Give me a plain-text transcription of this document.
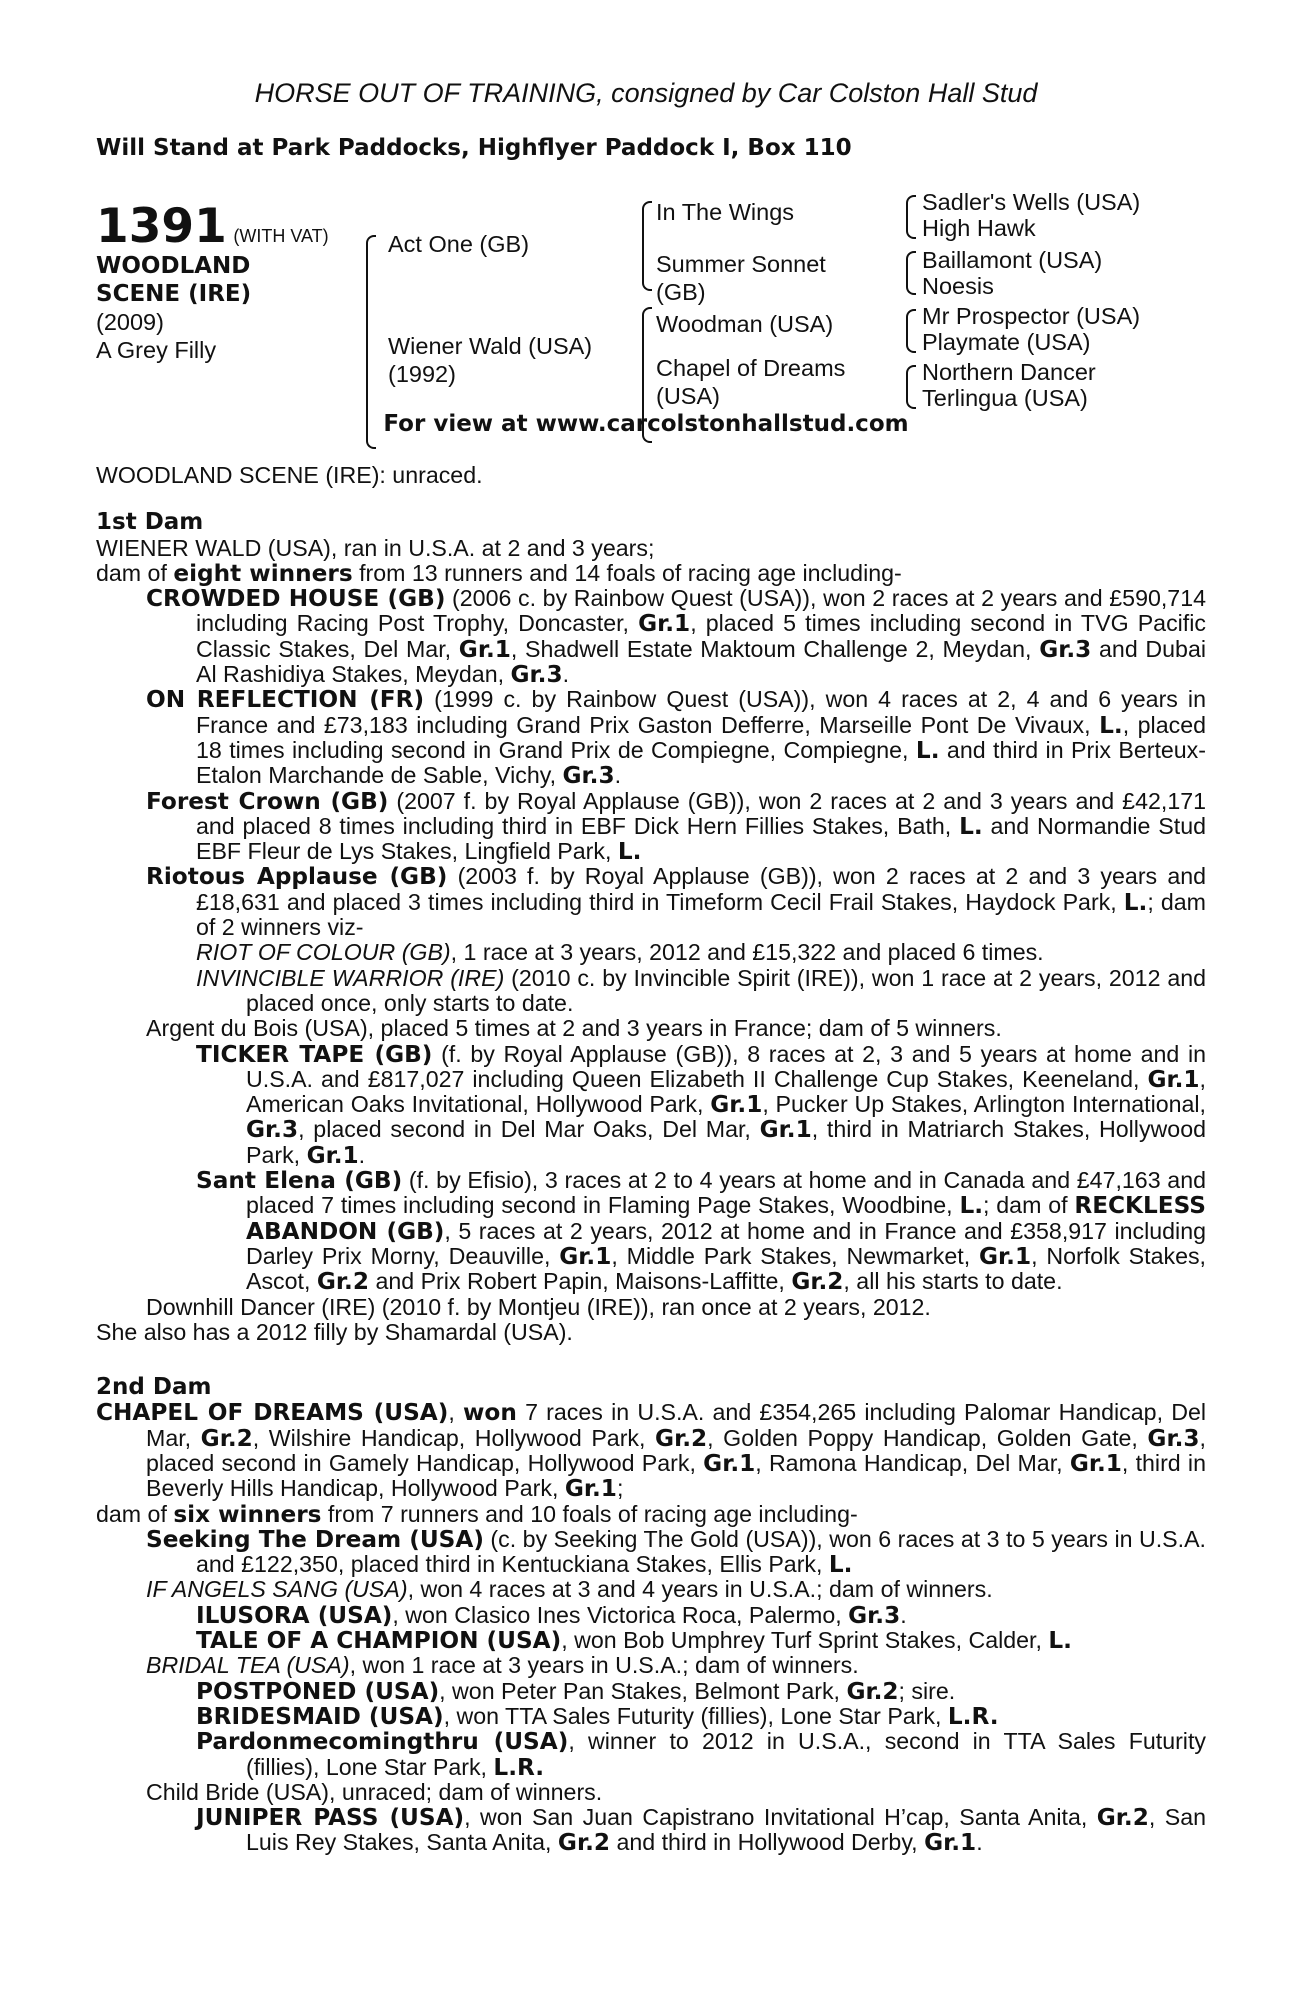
HORSE OUT OF TRAINING, consigned by Car Colston Hall Stud
Will Stand at Park Paddocks, Highflyer Paddock I, Box 110
1391 (WITH VAT)
WOODLAND
SCENE (IRE)
(2009)
A Grey Filly
Act One (GB)
Wiener Wald (USA)
(1992)
In The Wings
Summer Sonnet
(GB)
Woodman (USA)
Chapel of Dreams
(USA)
Sadler's Wells (USA)
High Hawk
Baillamont (USA)
Noesis
Mr Prospector (USA)
Playmate (USA)
Northern Dancer
Terlingua (USA)
For view at www.carcolstonhallstud.com

WOODLAND SCENE (IRE): unraced.

1st Dam

WIENER WALD (USA), ran in U.S.A. at 2 and 3 years;

dam of eight winners from 13 runners and 14 foals of racing age including-

CROWDED HOUSE (GB) (2006 c. by Rainbow Quest (USA)), won 2 races at 2 years and £590,714 including Racing Post Trophy, Doncaster, Gr.1, placed 5 times including second in TVG Pacific Classic Stakes, Del Mar, Gr.1, Shadwell Estate Maktoum Challenge 2, Meydan, Gr.3 and Dubai Al Rashidiya Stakes, Meydan, Gr.3.

ON REFLECTION (FR) (1999 c. by Rainbow Quest (USA)), won 4 races at 2, 4 and 6 years in France and £73,183 including Grand Prix Gaston Defferre, Marseille Pont De Vivaux, L., placed 18 times including second in Grand Prix de Compiegne, Compiegne, L. and third in Prix Berteux-Etalon Marchande de Sable, Vichy, Gr.3.

Forest Crown (GB) (2007 f. by Royal Applause (GB)), won 2 races at 2 and 3 years and £42,171 and placed 8 times including third in EBF Dick Hern Fillies Stakes, Bath, L. and Normandie Stud EBF Fleur de Lys Stakes, Lingfield Park, L.

Riotous Applause (GB) (2003 f. by Royal Applause (GB)), won 2 races at 2 and 3 years and £18,631 and placed 3 times including third in Timeform Cecil Frail Stakes, Haydock Park, L.; dam of 2 winners viz-

RIOT OF COLOUR (GB), 1 race at 3 years, 2012 and £15,322 and placed 6 times.

INVINCIBLE WARRIOR (IRE) (2010 c. by Invincible Spirit (IRE)), won 1 race at 2 years, 2012 and placed once, only starts to date.

Argent du Bois (USA), placed 5 times at 2 and 3 years in France; dam of 5 winners.

TICKER TAPE (GB) (f. by Royal Applause (GB)), 8 races at 2, 3 and 5 years at home and in U.S.A. and £817,027 including Queen Elizabeth II Challenge Cup Stakes, Keeneland, Gr.1, American Oaks Invitational, Hollywood Park, Gr.1, Pucker Up Stakes, Arlington International, Gr.3, placed second in Del Mar Oaks, Del Mar, Gr.1, third in Matriarch Stakes, Hollywood Park, Gr.1.

Sant Elena (GB) (f. by Efisio), 3 races at 2 to 4 years at home and in Canada and £47,163 and placed 7 times including second in Flaming Page Stakes, Woodbine, L.; dam of RECKLESS ABANDON (GB), 5 races at 2 years, 2012 at home and in France and £358,917 including Darley Prix Morny, Deauville, Gr.1, Middle Park Stakes, Newmarket, Gr.1, Norfolk Stakes, Ascot, Gr.2 and Prix Robert Papin, Maisons-Laffitte, Gr.2, all his starts to date.

Downhill Dancer (IRE) (2010 f. by Montjeu (IRE)), ran once at 2 years, 2012.

She also has a 2012 filly by Shamardal (USA).

2nd Dam

CHAPEL OF DREAMS (USA), won 7 races in U.S.A. and £354,265 including Palomar Handicap, Del Mar, Gr.2, Wilshire Handicap, Hollywood Park, Gr.2, Golden Poppy Handicap, Golden Gate, Gr.3, placed second in Gamely Handicap, Hollywood Park, Gr.1, Ramona Handicap, Del Mar, Gr.1, third in Beverly Hills Handicap, Hollywood Park, Gr.1;

dam of six winners from 7 runners and 10 foals of racing age including-

Seeking The Dream (USA) (c. by Seeking The Gold (USA)), won 6 races at 3 to 5 years in U.S.A. and £122,350, placed third in Kentuckiana Stakes, Ellis Park, L.

IF ANGELS SANG (USA), won 4 races at 3 and 4 years in U.S.A.; dam of winners.

ILUSORA (USA), won Clasico Ines Victorica Roca, Palermo, Gr.3.

TALE OF A CHAMPION (USA), won Bob Umphrey Turf Sprint Stakes, Calder, L.

BRIDAL TEA (USA), won 1 race at 3 years in U.S.A.; dam of winners.

POSTPONED (USA), won Peter Pan Stakes, Belmont Park, Gr.2; sire.

BRIDESMAID (USA), won TTA Sales Futurity (fillies), Lone Star Park, L.R.

Pardonmecomingthru (USA), winner to 2012 in U.S.A., second in TTA Sales Futurity (fillies), Lone Star Park, L.R.

Child Bride (USA), unraced; dam of winners.

JUNIPER PASS (USA), won San Juan Capistrano Invitational H’cap, Santa Anita, Gr.2, San Luis Rey Stakes, Santa Anita, Gr.2 and third in Hollywood Derby, Gr.1.
